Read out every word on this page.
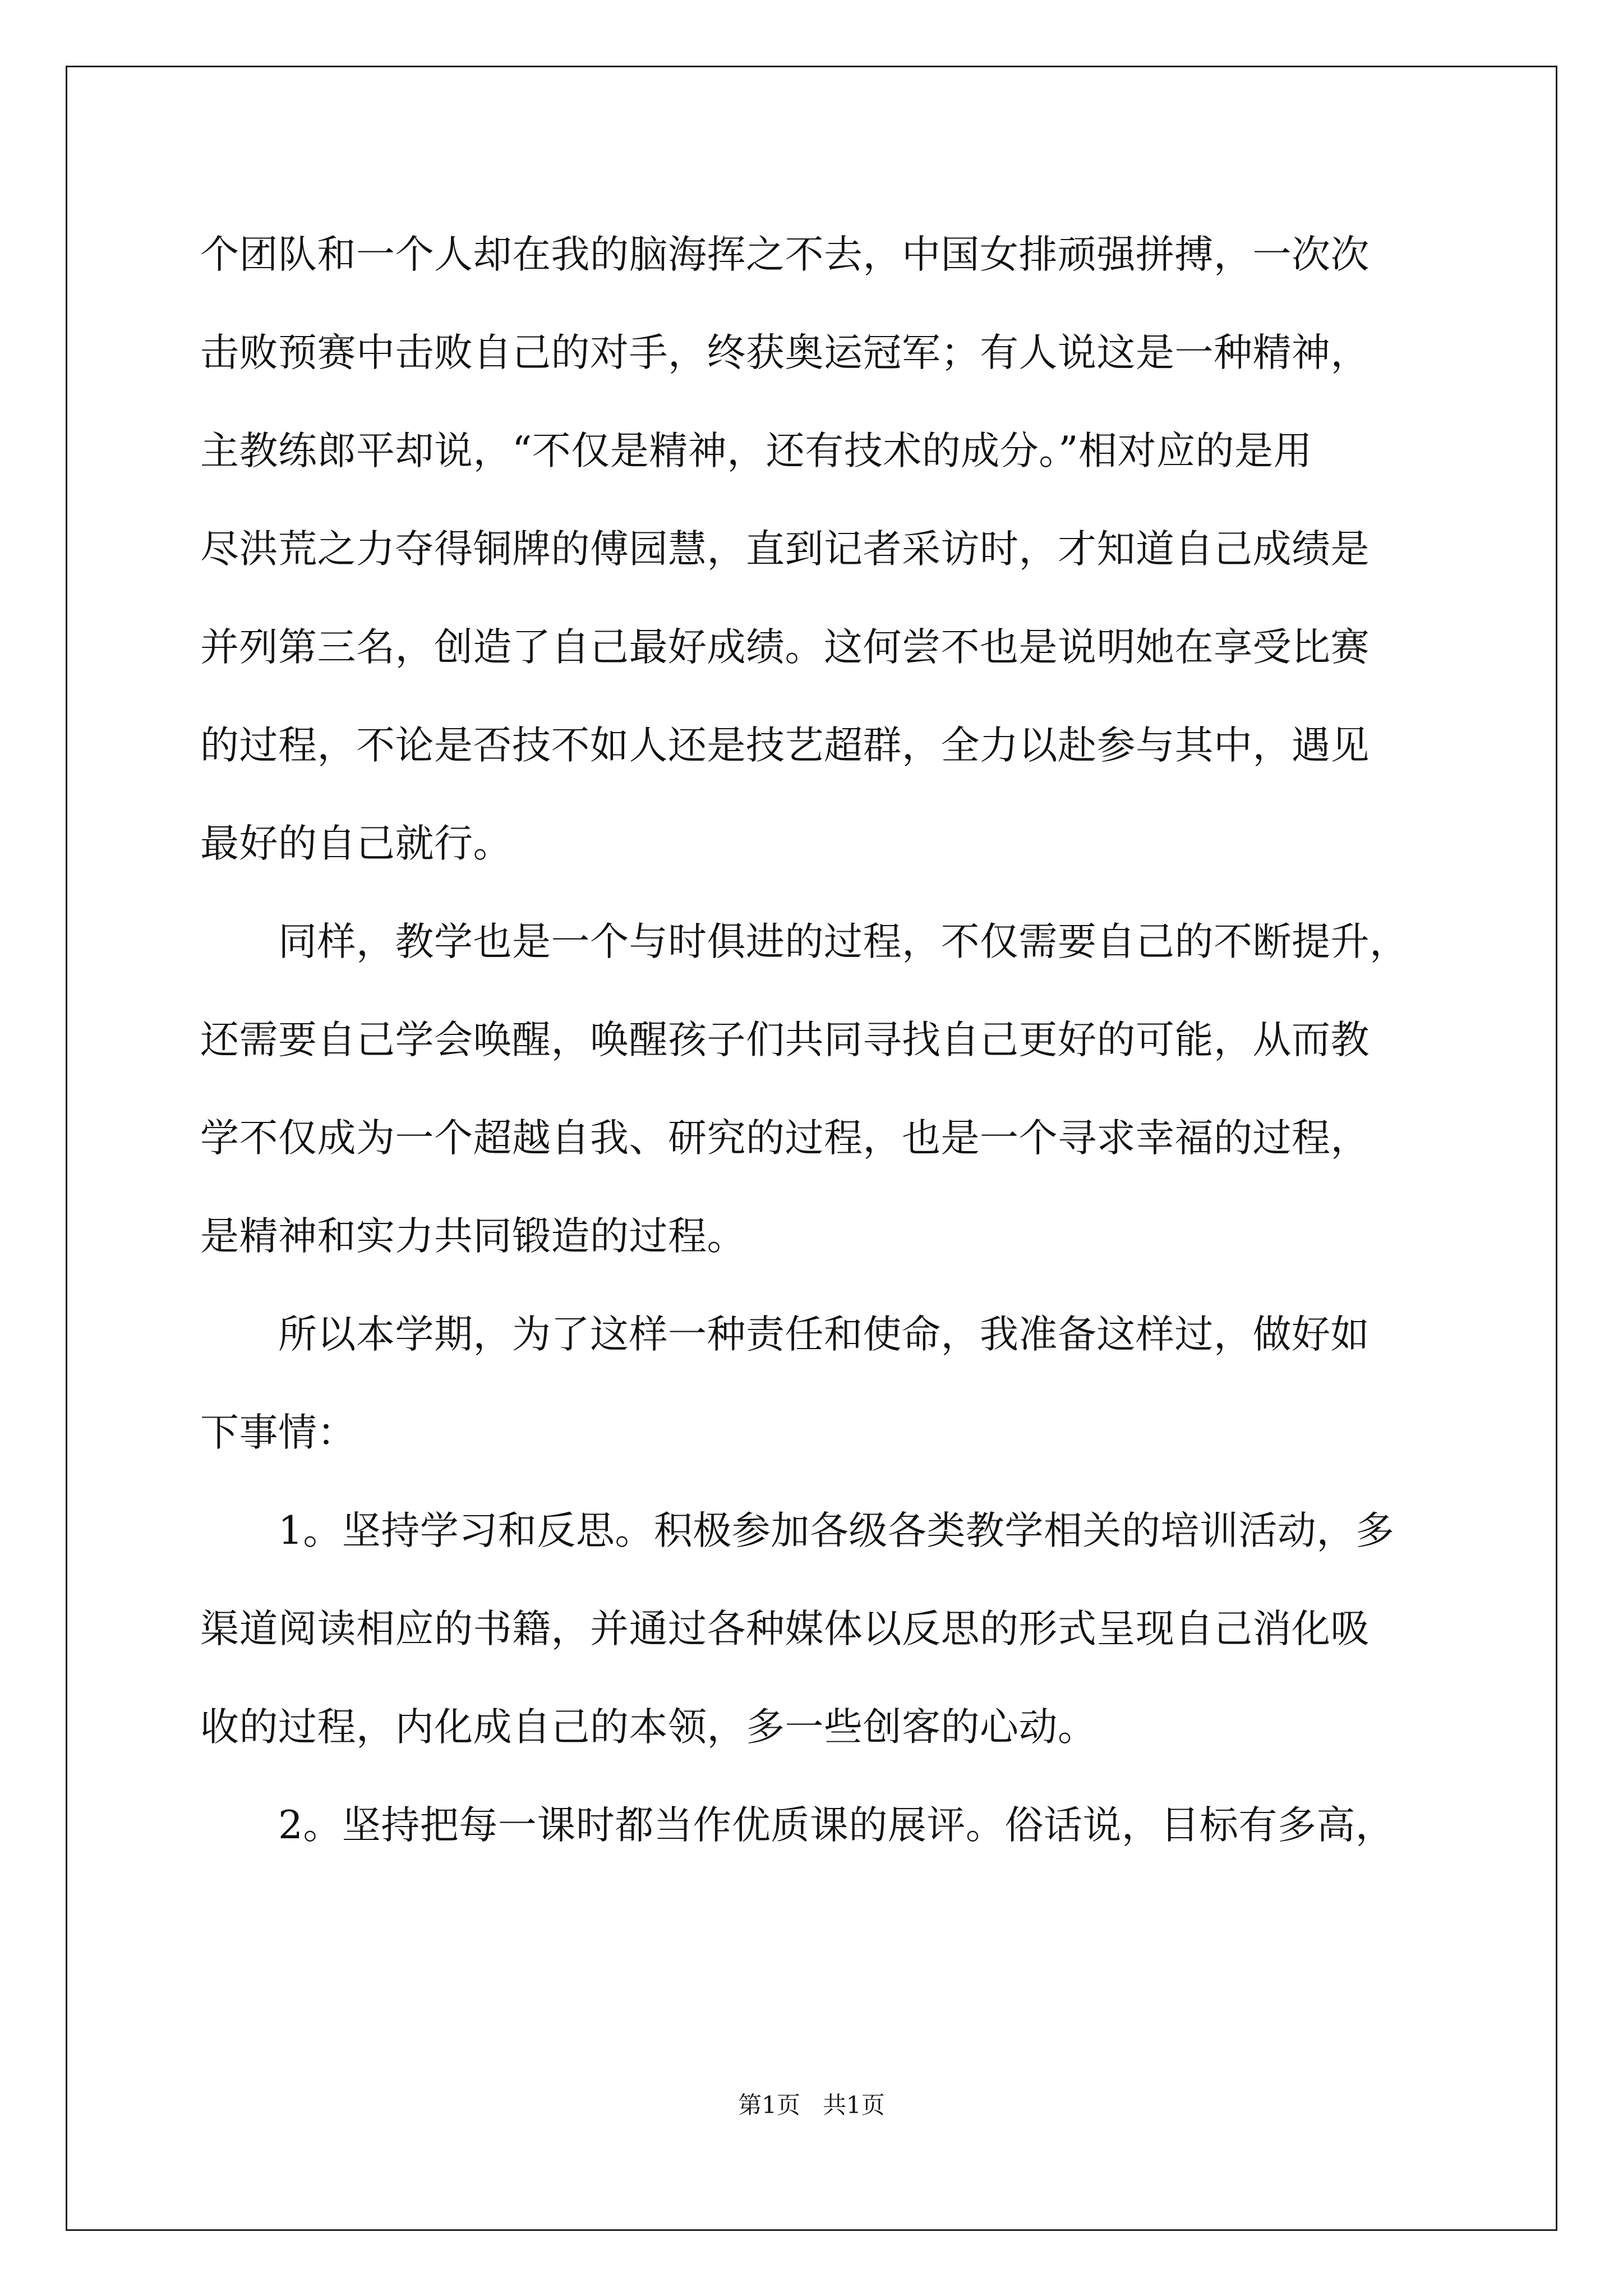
个团队和一个人却在我的脑海挥之不去，中国女排顽强拼搏，一次次

击败预赛中击败自己的对手，终获奥运冠军；有人说这是一种精神，

主教练郎平却说，“不仅是精神，还有技术的成分。”相对应的是用

尽洪荒之力夺得铜牌的傅园慧，直到记者采访时，才知道自己成绩是

并列第三名，创造了自己最好成绩。这何尝不也是说明她在享受比赛

的过程，不论是否技不如人还是技艺超群，全力以赴参与其中，遇见

最好的自己就行。

　　同样，教学也是一个与时俱进的过程，不仅需要自己的不断提升，

还需要自己学会唤醒，唤醒孩子们共同寻找自己更好的可能，从而教

学不仅成为一个超越自我、研究的过程，也是一个寻求幸福的过程，

是精神和实力共同锻造的过程。

　　所以本学期，为了这样一种责任和使命，我准备这样过，做好如

下事情：

　　1。坚持学习和反思。积极参加各级各类教学相关的培训活动，多

渠道阅读相应的书籍，并通过各种媒体以反思的形式呈现自己消化吸

收的过程，内化成自己的本领，多一些创客的心动。

　　2。坚持把每一课时都当作优质课的展评。俗话说，目标有多高，

第1页   共1页
